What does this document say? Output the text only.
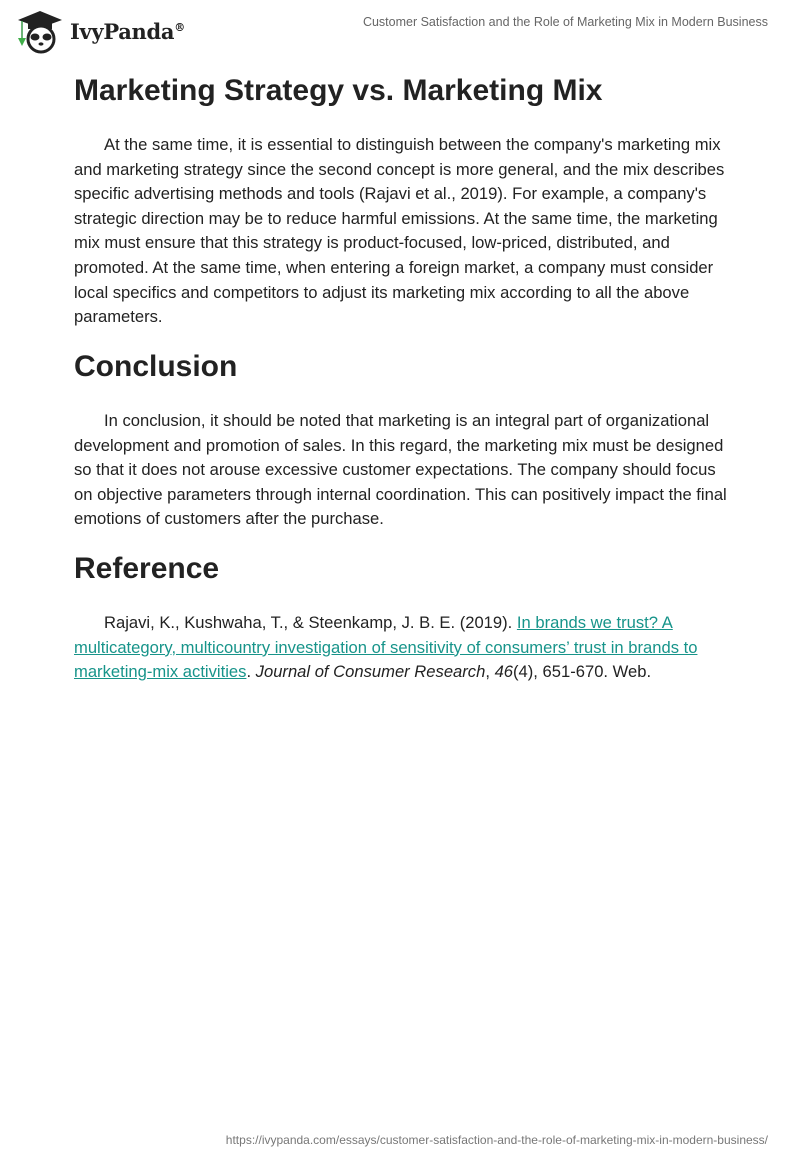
IvyPanda®	Customer Satisfaction and the Role of Marketing Mix in Modern Business
Marketing Strategy vs. Marketing Mix

At the same time, it is essential to distinguish between the company's marketing mix and marketing strategy since the second concept is more general, and the mix describes specific advertising methods and tools (Rajavi et al., 2019). For example, a company's strategic direction may be to reduce harmful emissions. At the same time, the marketing mix must ensure that this strategy is product-focused, low-priced, distributed, and promoted. At the same time, when entering a foreign market, a company must consider local specifics and competitors to adjust its marketing mix according to all the above parameters.

Conclusion

In conclusion, it should be noted that marketing is an integral part of organizational development and promotion of sales. In this regard, the marketing mix must be designed so that it does not arouse excessive customer expectations. The company should focus on objective parameters through internal coordination. This can positively impact the final emotions of customers after the purchase.

Reference

Rajavi, K., Kushwaha, T., & Steenkamp, J. B. E. (2019). In brands we trust? A multicategory, multicountry investigation of sensitivity of consumers’ trust in brands to marketing-mix activities. Journal of Consumer Research, 46(4), 651-670. Web.

https://ivypanda.com/essays/customer-satisfaction-and-the-role-of-marketing-mix-in-modern-business/
